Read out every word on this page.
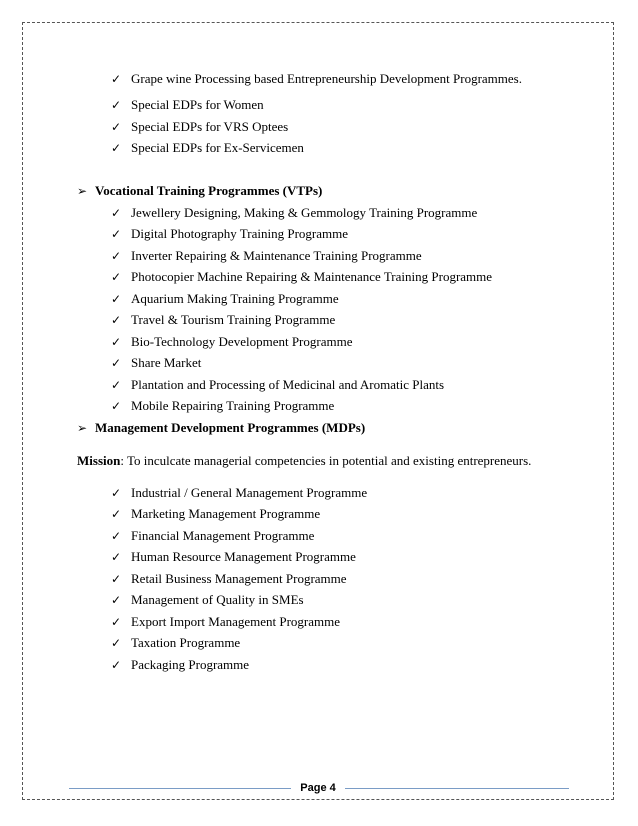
✓ Grape wine Processing based Entrepreneurship Development Programmes.
✓ Special EDPs for Women
✓ Special EDPs for VRS Optees
✓ Special EDPs for Ex-Servicemen
➢ Vocational Training Programmes (VTPs)
✓ Jewellery Designing, Making & Gemmology Training Programme
✓ Digital Photography Training Programme
✓ Inverter Repairing & Maintenance Training Programme
✓ Photocopier Machine Repairing & Maintenance Training Programme
✓ Aquarium Making Training Programme
✓ Travel & Tourism Training Programme
✓ Bio-Technology Development Programme
✓ Share Market
✓ Plantation and Processing of Medicinal and Aromatic Plants
✓ Mobile Repairing Training Programme
➢ Management Development Programmes (MDPs)
Mission: To inculcate managerial competencies in potential and existing entrepreneurs.
✓ Industrial / General Management Programme
✓ Marketing Management Programme
✓ Financial Management Programme
✓ Human Resource Management Programme
✓ Retail Business Management Programme
✓ Management of Quality in SMEs
✓ Export Import Management Programme
✓ Taxation Programme
✓ Packaging Programme
Page 4
